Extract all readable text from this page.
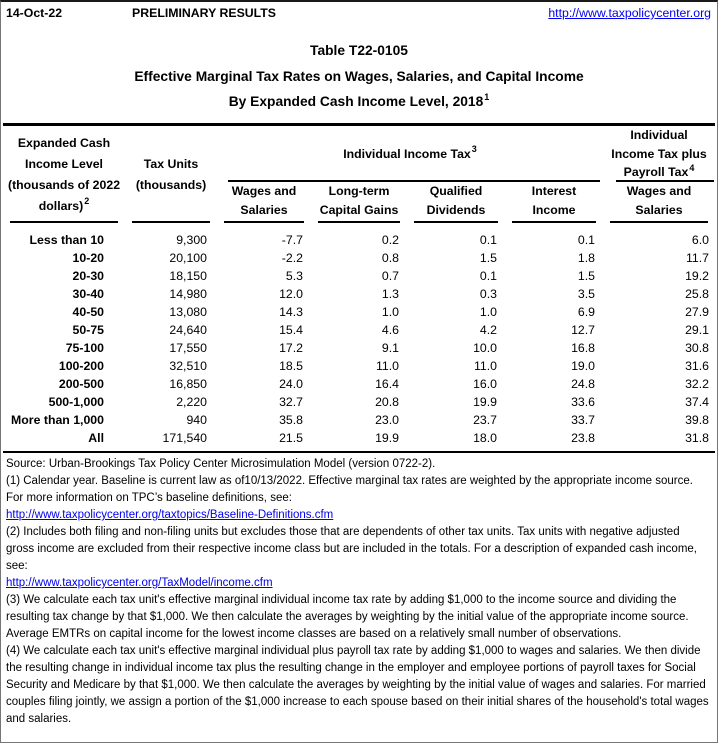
14-Oct-22	PRELIMINARY RESULTS	http://www.taxpolicycenter.org
Table T22-0105
Effective Marginal Tax Rates on Wages, Salaries, and Capital Income
By Expanded Cash Income Level, 2018$^1$
Expanded Cash
Income Level
(thousands of 2022
dollars)$^2$

Tax Units
(thousands)
	Individual Income Tax$^3$	
Individual
Income Tax plus
Payroll Tax$^4$

Wages and
Salaries

Long-term
Capital Gains

Qualified
Dividends

Interest
Income

Wages and
Salaries

Less than 10	9,300	-7.7	0.2	0.1	0.1	6.0
10-20	20,100	-2.2	0.8	1.5	1.8	11.7
20-30	18,150	5.3	0.7	0.1	1.5	19.2
30-40	14,980	12.0	1.3	0.3	3.5	25.8
40-50	13,080	14.3	1.0	1.0	6.9	27.9
50-75	24,640	15.4	4.6	4.2	12.7	29.1
75-100	17,550	17.2	9.1	10.0	16.8	30.8
100-200	32,510	18.5	11.0	11.0	19.0	31.6
200-500	16,850	24.0	16.4	16.0	24.8	32.2
500-1,000	2,220	32.7	20.8	19.9	33.6	37.4
More than 1,000	940	35.8	23.0	23.7	33.7	39.8
All	171,540	21.5	19.9	18.0	23.8	31.8

Source: Urban-Brookings Tax Policy Center Microsimulation Model (version 0722-2).

(1) Calendar year. Baseline is current law as of10/13/2022. Effective marginal tax rates are weighted by the appropriate income source. For more information on TPC’s baseline definitions, see:

http://www.taxpolicycenter.org/taxtopics/Baseline-Definitions.cfm

(2) Includes both filing and non-filing units but excludes those that are dependents of other tax units. Tax units with negative adjusted gross income are excluded from their respective income class but are included in the totals. For a description of expanded cash income, see:

http://www.taxpolicycenter.org/TaxModel/income.cfm

(3) We calculate each tax unit's effective marginal individual income tax rate by adding $1,000 to the income source and dividing the resulting tax change by that $1,000. We then calculate the averages by weighting by the initial value of the appropriate income source. Average EMTRs on capital income for the lowest income classes are based on a relatively small number of observations.

(4) We calculate each tax unit's effective marginal individual plus payroll tax rate by adding $1,000 to wages and salaries. We then divide the resulting change in individual income tax plus the resulting change in the employer and employee portions of payroll taxes for Social Security and Medicare by that $1,000. We then calculate the averages by weighting by the initial value of wages and salaries. For married couples filing jointly, we assign a portion of the $1,000 increase to each spouse based on their initial shares of the household's total wages and salaries.
